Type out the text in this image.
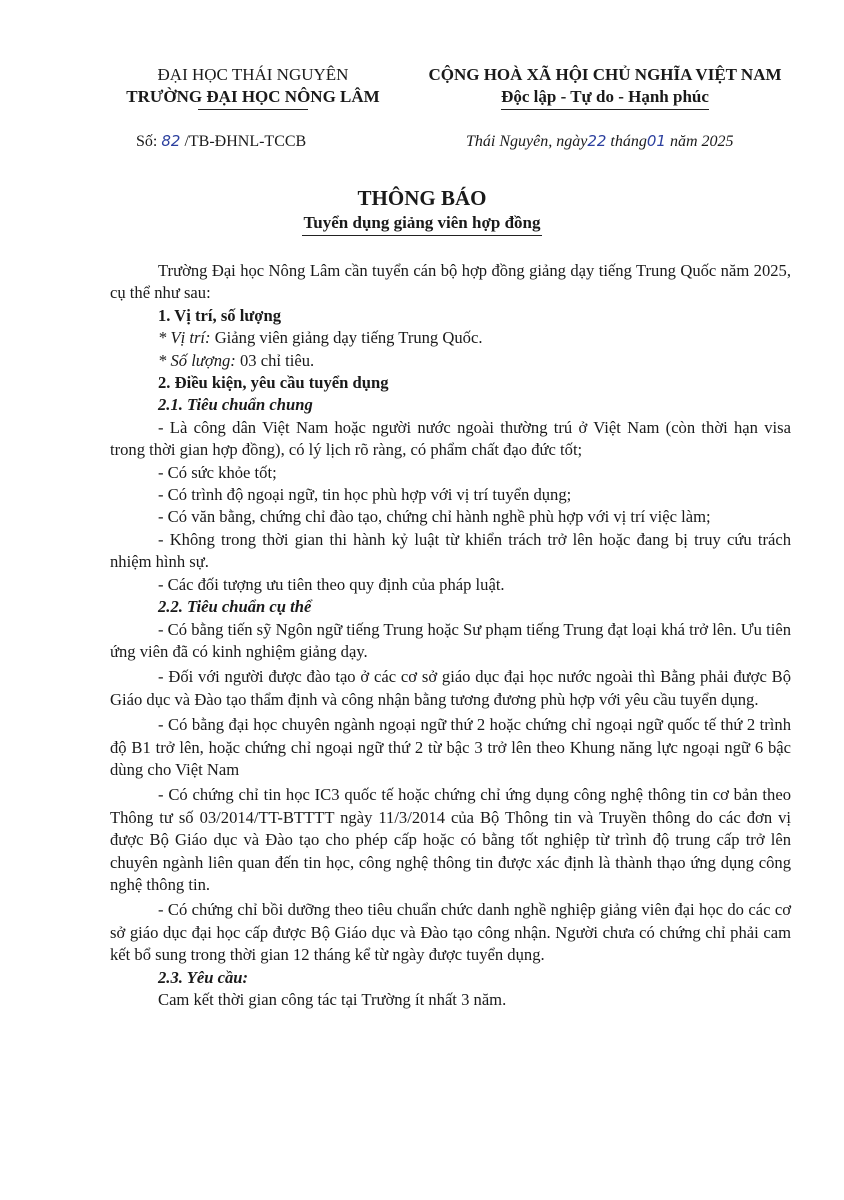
ĐẠI HỌC THÁI NGUYÊN
TRƯỜNG ĐẠI HỌC NÔNG LÂM
CỘNG HOÀ XÃ HỘI CHỦ NGHĨA VIỆT NAM
Độc lập - Tự do - Hạnh phúc
Số: 82 /TB-ĐHNL-TCCB	Thái Nguyên, ngày22 tháng01 năm 2025
THÔNG BÁO
Tuyển dụng giảng viên hợp đồng

Trường Đại học Nông Lâm cần tuyển cán bộ hợp đồng giảng dạy tiếng Trung Quốc năm 2025, cụ thể như sau:

1. Vị trí, số lượng

* Vị trí: Giảng viên giảng dạy tiếng Trung Quốc.

* Số lượng: 03 chỉ tiêu.

2. Điều kiện, yêu cầu tuyển dụng
2.1. Tiêu chuẩn chung

- Là công dân Việt Nam hoặc người nước ngoài thường trú ở Việt Nam (còn thời hạn visa trong thời gian hợp đồng), có lý lịch rõ ràng, có phẩm chất đạo đức tốt;

- Có sức khỏe tốt;

- Có trình độ ngoại ngữ, tin học phù hợp với vị trí tuyển dụng;

- Có văn bằng, chứng chỉ đào tạo, chứng chỉ hành nghề phù hợp với vị trí việc làm;

- Không trong thời gian thi hành kỷ luật từ khiển trách trở lên hoặc đang bị truy cứu trách nhiệm hình sự.

- Các đối tượng ưu tiên theo quy định của pháp luật.

2.2. Tiêu chuẩn cụ thể

- Có bằng tiến sỹ Ngôn ngữ tiếng Trung hoặc Sư phạm tiếng Trung đạt loại khá trở lên. Ưu tiên ứng viên đã có kinh nghiệm giảng dạy.

- Đối với người được đào tạo ở các cơ sở giáo dục đại học nước ngoài thì Bằng phải được Bộ Giáo dục và Đào tạo thẩm định và công nhận bằng tương đương phù hợp với yêu cầu tuyển dụng.

- Có bằng đại học chuyên ngành ngoại ngữ thứ 2 hoặc chứng chỉ ngoại ngữ quốc tế thứ 2 trình độ B1 trở lên, hoặc chứng chỉ ngoại ngữ thứ 2 từ bậc 3 trở lên theo Khung năng lực ngoại ngữ 6 bậc dùng cho Việt Nam

- Có chứng chỉ tin học IC3 quốc tế hoặc chứng chỉ ứng dụng công nghệ thông tin cơ bản theo Thông tư số 03/2014/TT-BTTTT ngày 11/3/2014 của Bộ Thông tin và Truyền thông do các đơn vị được Bộ Giáo dục và Đào tạo cho phép cấp hoặc có bằng tốt nghiệp từ trình độ trung cấp trở lên chuyên ngành liên quan đến tin học, công nghệ thông tin được xác định là thành thạo ứng dụng công nghệ thông tin.

- Có chứng chỉ bồi dưỡng theo tiêu chuẩn chức danh nghề nghiệp giảng viên đại học do các cơ sở giáo dục đại học cấp được Bộ Giáo dục và Đào tạo công nhận. Người chưa có chứng chỉ phải cam kết bổ sung trong thời gian 12 tháng kể từ ngày được tuyển dụng.

2.3. Yêu cầu:

Cam kết thời gian công tác tại Trường ít nhất 3 năm.
